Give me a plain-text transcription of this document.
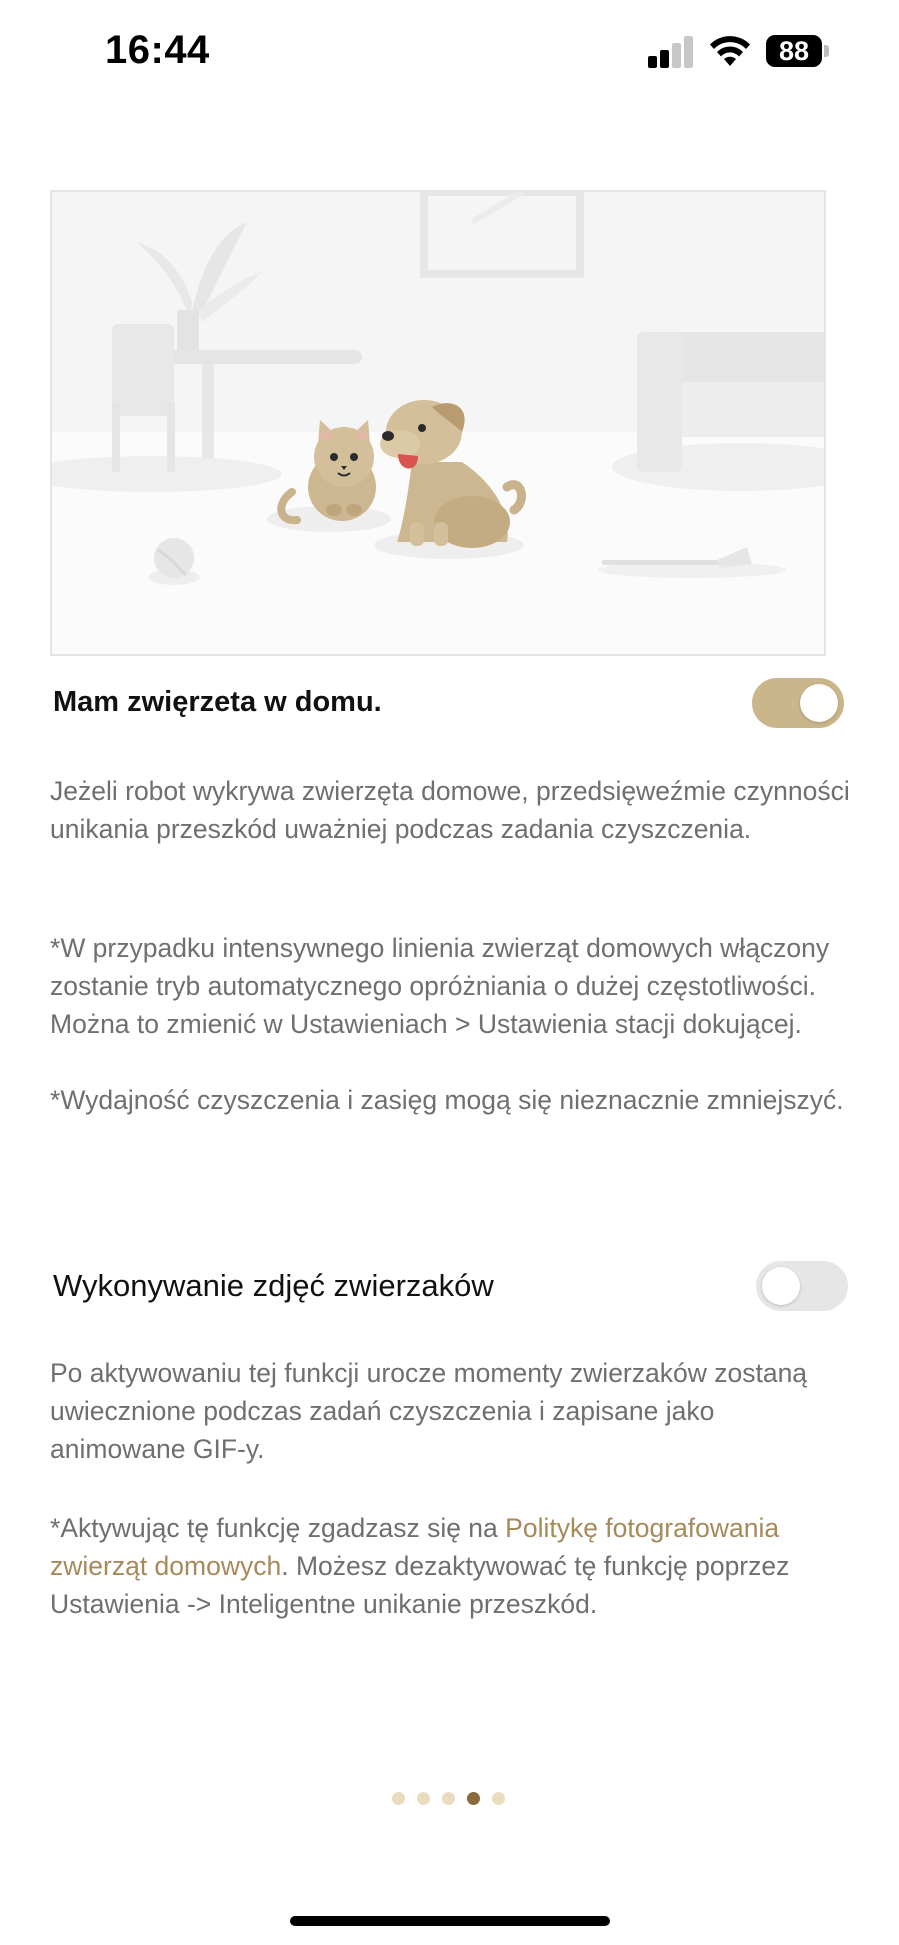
16:44	88
Mam zwięrzeta w domu.

Jeżeli robot wykrywa zwierzęta domowe, przedsięweźmie czynności unikania przeszkód uważniej podczas zadania czyszczenia.

*W przypadku intensywnego linienia zwierząt domowych włączony zostanie tryb automatycznego opróżniania o dużej częstotliwości. Można to zmienić w Ustawieniach > Ustawienia stacji dokującej.

*Wydajność czyszczenia i zasięg mogą się nieznacznie zmniejszyć.

Wykonywanie zdjęć zwierzaków

Po aktywowaniu tej funkcji urocze momenty zwierzaków zostaną uwiecznione podczas zadań czyszczenia i zapisane jako animowane GIF-y.

*Aktywując tę funkcję zgadzasz się na Politykę fotografowania zwierząt domowych. Możesz dezaktywować tę funkcję poprzez Ustawienia -> Inteligentne unikanie przeszkód.
